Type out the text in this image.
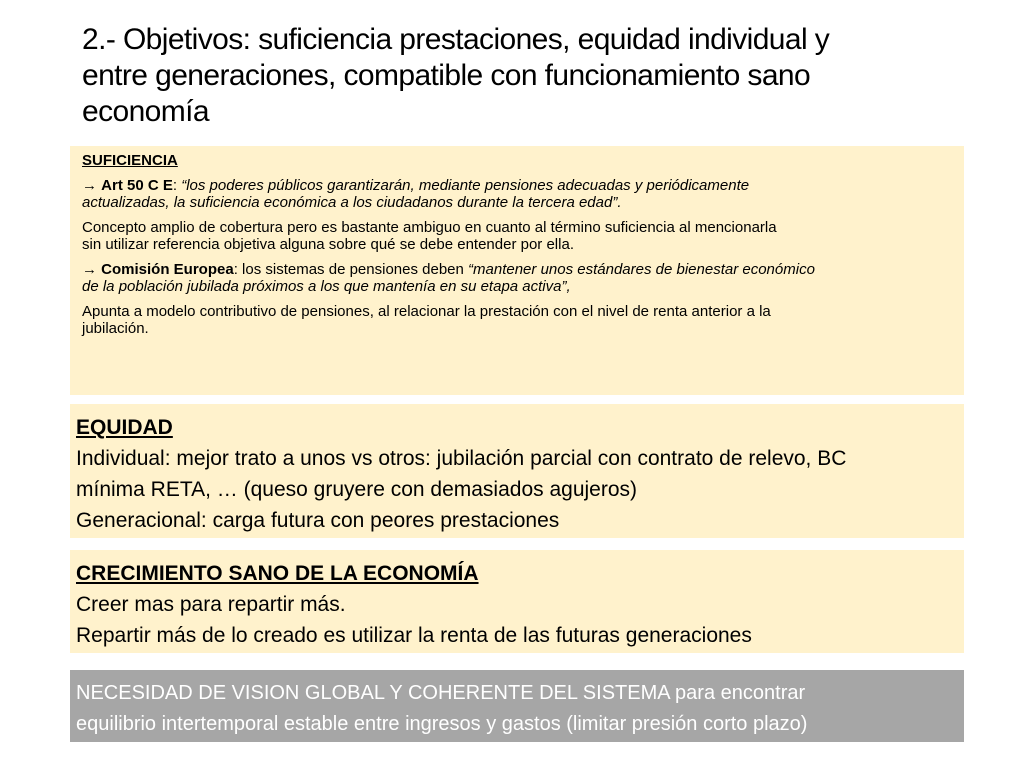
2.- Objetivos: suficiencia prestaciones, equidad individual y
entre generaciones, compatible con funcionamiento sano
economía

SUFICIENCIA

→ Art 50 C E: “los poderes públicos garantizarán, mediante pensiones adecuadas y periódicamente
actualizadas, la suficiencia económica a los ciudadanos durante la tercera edad”.

Concepto amplio de cobertura pero es bastante ambiguo en cuanto al término suficiencia al mencionarla
sin utilizar referencia objetiva alguna sobre qué se debe entender por ella.

→ Comisión Europea: los sistemas de pensiones deben “mantener unos estándares de bienestar económico
de la población jubilada próximos a los que mantenía en su etapa activa”,

Apunta a modelo contributivo de pensiones, al relacionar la prestación con el nivel de renta anterior a la
jubilación.

EQUIDAD
Individual: mejor trato a unos vs otros: jubilación parcial con contrato de relevo, BC
mínima RETA, … (queso gruyere con demasiados agujeros)
Generacional: carga futura con peores prestaciones
CRECIMIENTO SANO DE LA ECONOMÍA
Creer mas para repartir más.
Repartir más de lo creado es utilizar la renta de las futuras generaciones
NECESIDAD DE VISION GLOBAL Y COHERENTE DEL SISTEMA para encontrar
equilibrio intertemporal estable entre ingresos y gastos (limitar presión corto plazo)
